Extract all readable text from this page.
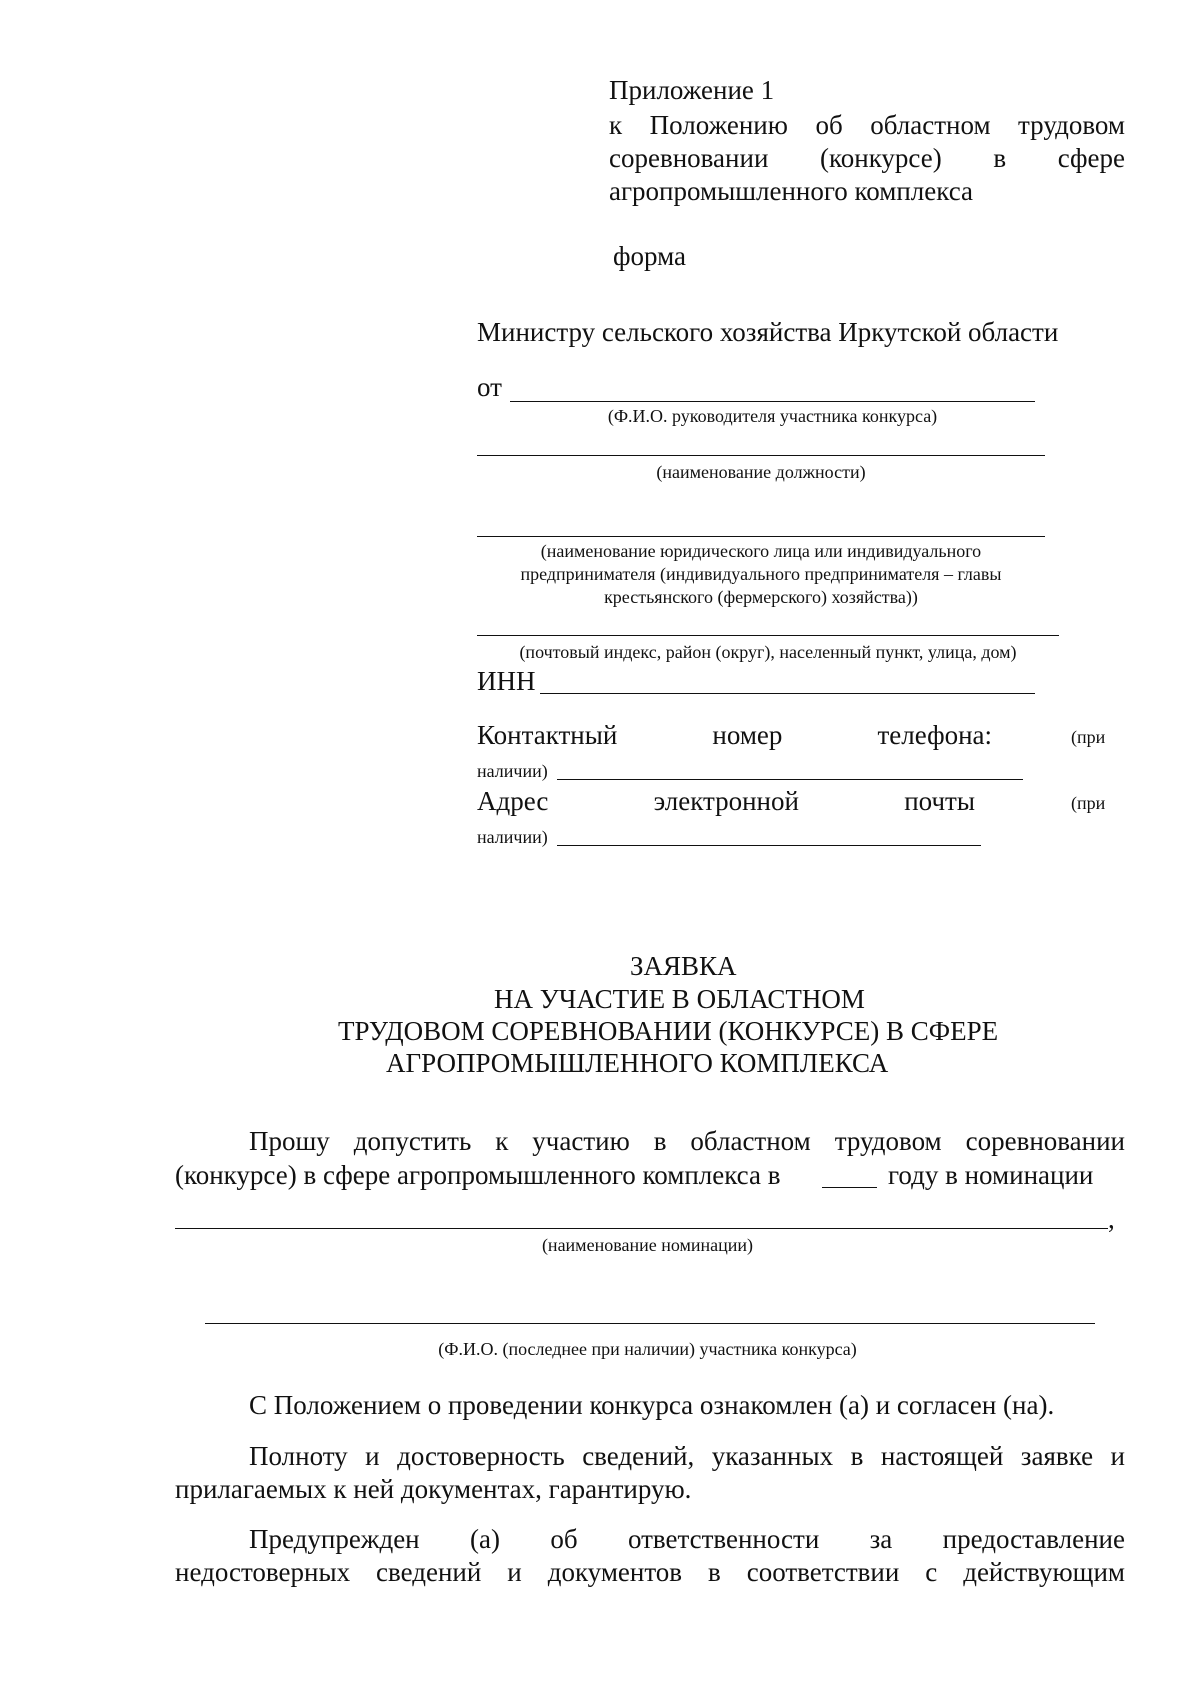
Приложение 1
к Положению об областном трудовом
соревновании (конкурсе) в сфере
агропромышленного комплекса
форма
Министру сельского хозяйства Иркутской области
от
(Ф.И.О. руководителя участника конкурса)
(наименование должности)
(наименование юридического лица или индивидуального
предпринимателя (индивидуального предпринимателя – главы
крестьянского (фермерского) хозяйства))
(почтовый индекс, район (округ), населенный пункт, улица, дом)
ИНН
Контактный	номер	телефона:	(при
наличии)
Адрес	электронной	почты	(при
наличии)
ЗАЯВКА
НА УЧАСТИЕ В ОБЛАСТНОМ
ТРУДОВОМ СОРЕВНОВАНИИ (КОНКУРСЕ) В СФЕРЕ
АГРОПРОМЫШЛЕННОГО КОМПЛЕКСА
Прошу допустить к участию в областном трудовом соревновании
(конкурсе) в сфере агропромышленного комплекса в	году в номинации
,
(наименование номинации)
(Ф.И.О. (последнее при наличии) участника конкурса)
С Положением о проведении конкурса ознакомлен (а) и согласен (на).
Полноту и достоверность сведений, указанных в настоящей заявке и
прилагаемых к ней документах, гарантирую.
Предупрежден (а) об ответственности за предоставление
недостоверных сведений и документов в соответствии с действующим
